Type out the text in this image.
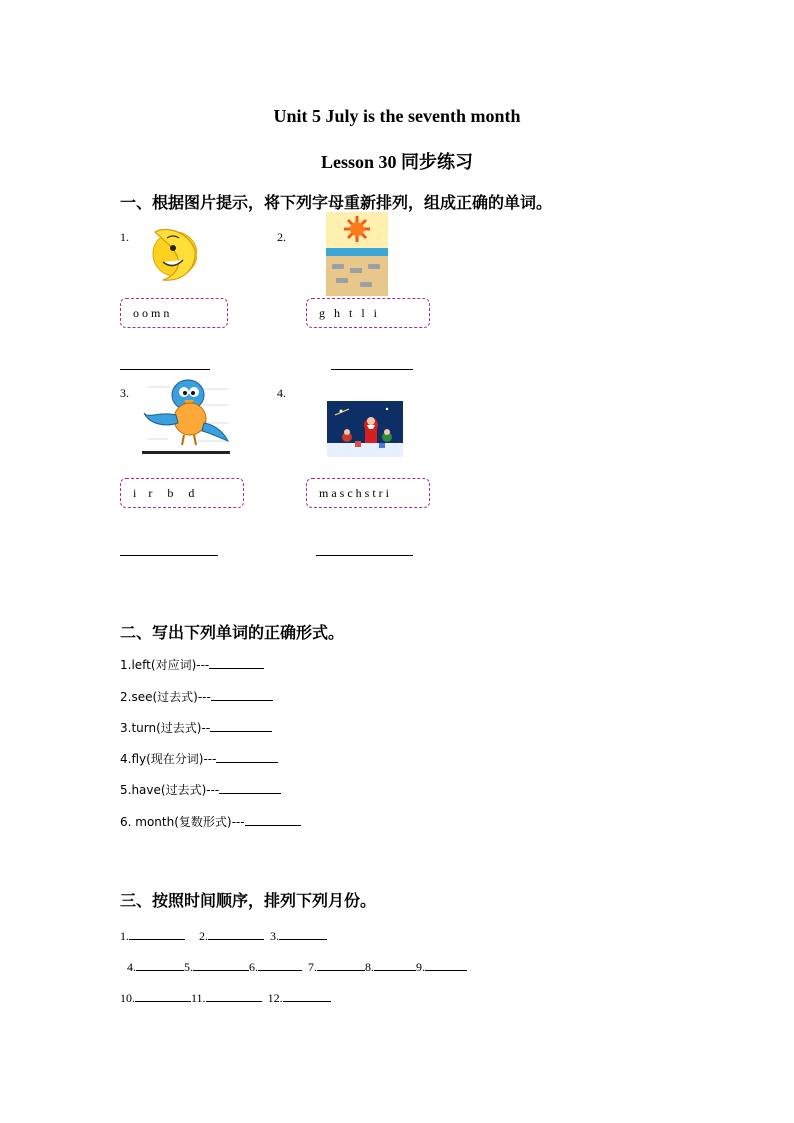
Unit 5 July is the seventh month
Lesson 30 同步练习
一、根据图片提示，将下列字母重新排列，组成正确的单词。
1.
o o m n
2.
g   h   t   l   i
3.
i    r     b     d
4.
m a s c h s t r i
二、写出下列单词的正确形式。
1.left(对应词)---
2.see(过去式)---
3.turn(过去式)--
4.fly(现在分词)---
5.have(过去式)---
6. month(复数形式)---
三、按照时间顺序，排列下列月份。
1.	2.	3.
4.	5.	6.	7.	8.	9.
10.	11.	12.
